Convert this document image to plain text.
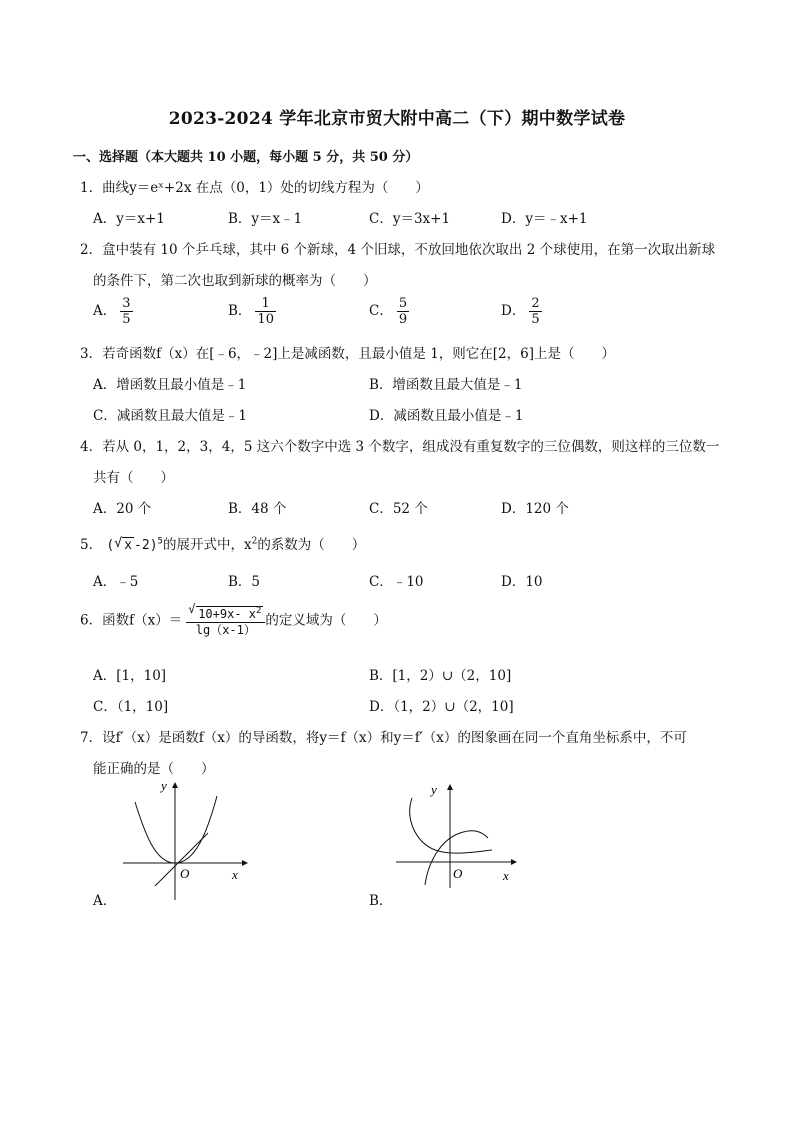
2023-2024 学年北京市贸大附中高二（下）期中数学试卷
一、选择题（本大题共 10 小题，每小题 5 分，共 50 分）
1．曲线y＝eˣ+2x 在点（0，1）处的切线方程为（　　）
A．y＝x+1	B．y＝x﹣1	C．y＝3x+1	D．y＝﹣x+1
2．盒中装有 10 个乒乓球，其中 6 个新球，4 个旧球，不放回地依次取出 2 个球使用，在第一次取出新球
的条件下，第二次也取到新球的概率为（　　）
A． $\frac{3}{5}$	B． $\frac{1}{10}$	C． $\frac{5}{9}$	D． $\frac{2}{5}$
3．若奇函数f（x）在[﹣6，﹣2]上是减函数，且最小值是 1，则它在[2，6]上是（　　）
A．增函数且最小值是﹣1	B．增函数且最大值是﹣1
C．减函数且最大值是﹣1	D．减函数且最小值是﹣1
4．若从 0，1，2，3，4，5 这六个数字中选 3 个数字，组成没有重复数字的三位偶数，则这样的三位数一
共有（　　）
A．20 个	B．48 个	C．52 个	D．120 个
5． ( √ x -2)$^5$的展开式中，$x^2$的系数为（　　）
A．﹣5	B．5	C．﹣10	D．10
6．函数$f(x)= \frac{√ 10+9x- x^2}{\lg(x-1)}$ 的定义域为（　　）
A．[1，10]	B．[1，2）∪（2，10]
C．（1，10]	D．（1，2）∪（2，10]
7．设f′（x）是函数f（x）的导函数，将y＝f（x）和y＝f′（x）的图象画在同一个直角坐标系中，不可
能正确的是（　　）
y
O	x
A．
y
O	x
B．
